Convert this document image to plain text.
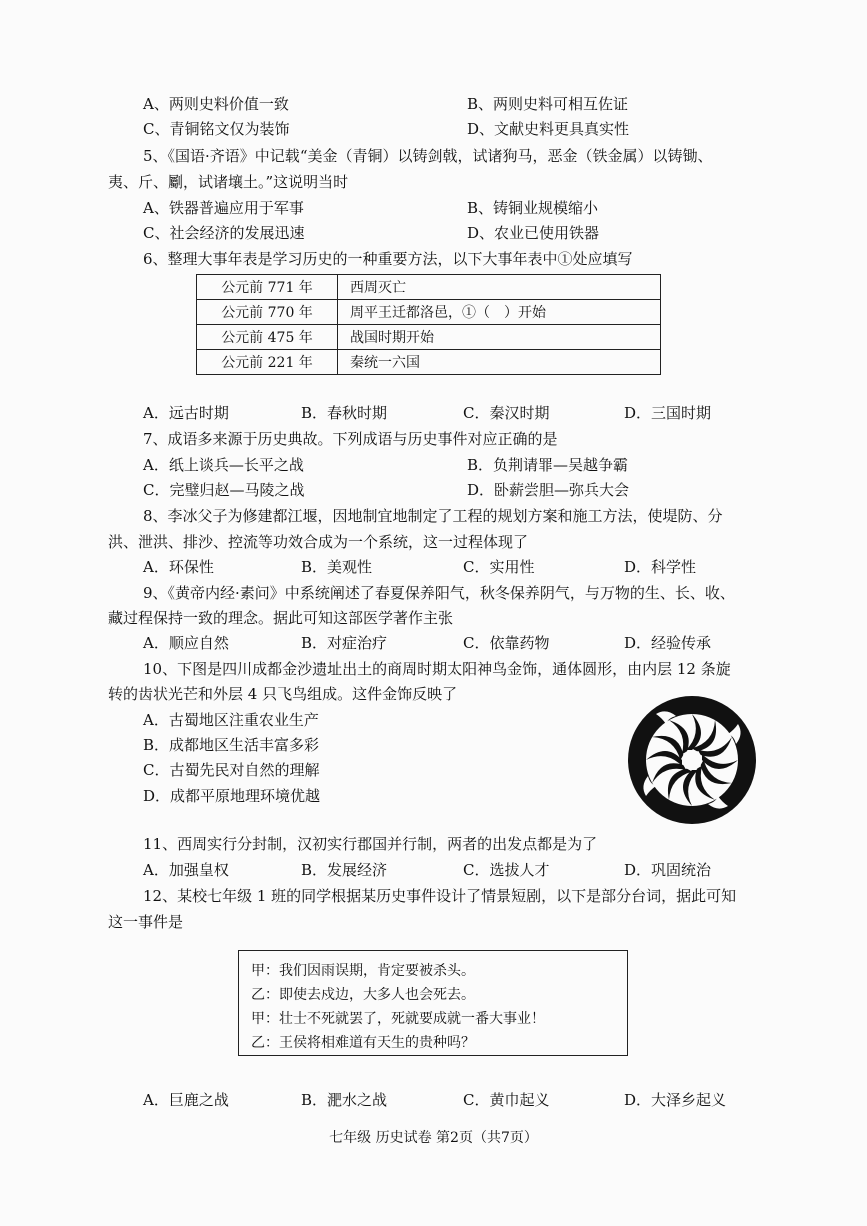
A、两则史料价值一致	B、两则史料可相互佐证
C、青铜铭文仅为装饰	D、文献史料更具真实性
5、《国语·齐语》中记载“美金（青铜）以铸剑戟，试诸狗马，恶金（铁金属）以铸锄、
夷、斤、劚，试诸壤土。”这说明当时
A、铁器普遍应用于军事	B、铸铜业规模缩小
C、社会经济的发展迅速	D、农业已使用铁器
6、整理大事年表是学习历史的一种重要方法，以下大事年表中①处应填写
公元前 771 年	西周灭亡
公元前 770 年	周平王迁都洛邑，①（　）开始
公元前 475 年	战国时期开始
公元前 221 年	秦统一六国
A．远古时期	B．春秋时期	C．秦汉时期	D．三国时期
7、成语多来源于历史典故。下列成语与历史事件对应正确的是
A．纸上谈兵—长平之战	B．负荆请罪—吴越争霸
C．完璧归赵—马陵之战	D．卧薪尝胆—弥兵大会
8、李冰父子为修建都江堰，因地制宜地制定了工程的规划方案和施工方法，使堤防、分
洪、泄洪、排沙、控流等功效合成为一个系统，这一过程体现了
A．环保性	B．美观性	C．实用性	D．科学性
9、《黄帝内经·素问》中系统阐述了春夏保养阳气，秋冬保养阴气，与万物的生、长、收、
藏过程保持一致的理念。据此可知这部医学著作主张
A．顺应自然	B．对症治疗	C．依靠药物	D．经验传承
10、下图是四川成都金沙遗址出土的商周时期太阳神鸟金饰，通体圆形，由内层 12 条旋
转的齿状光芒和外层 4 只飞鸟组成。这件金饰反映了
A．古蜀地区注重农业生产
B．成都地区生活丰富多彩
C．古蜀先民对自然的理解
D．成都平原地理环境优越
11、西周实行分封制，汉初实行郡国并行制，两者的出发点都是为了
A．加强皇权	B．发展经济	C．选拔人才	D．巩固统治
12、某校七年级 1 班的同学根据某历史事件设计了情景短剧，以下是部分台词，据此可知
这一事件是
甲：我们因雨误期，肯定要被杀头。
乙：即使去戍边，大多人也会死去。
甲：壮士不死就罢了，死就要成就一番大事业！
乙：王侯将相难道有天生的贵种吗？
A．巨鹿之战	B．淝水之战	C．黄巾起义	D．大泽乡起义
七年级 历史试卷 第2页（共7页）
